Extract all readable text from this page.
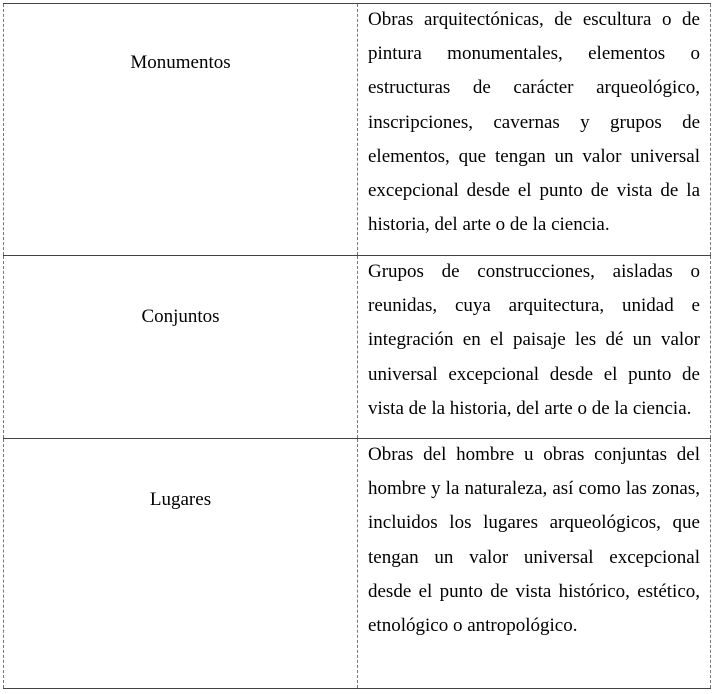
Monumentos	Obras arquitectónicas, de escultura o de pintura monumentales, elementos o estructuras de carácter arqueológico, inscripciones, cavernas y grupos de elementos, que tengan un valor universal excepcional desde el punto de vista de la historia, del arte o de la ciencia.

Conjuntos	Grupos de construcciones, aisladas o reunidas, cuya arquitectura, unidad e integración en el paisaje les dé un valor universal excepcional desde el punto de vista de la historia, del arte o de la ciencia.

Lugares	Obras del hombre u obras conjuntas del hombre y la naturaleza, así como las zonas, incluidos los lugares arqueológicos, que tengan un valor universal excepcional desde el punto de vista histórico, estético, etnológico o antropológico.
